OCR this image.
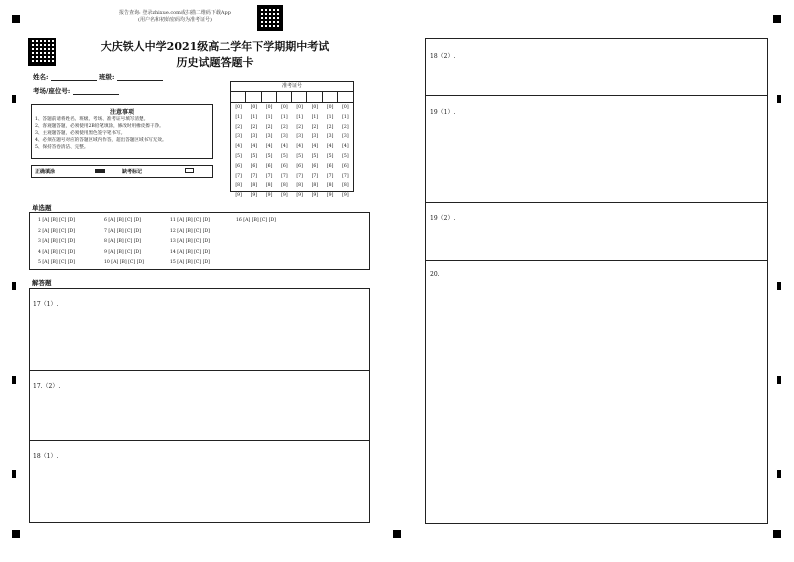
报告查询: 登录zhixue.com或扫描二维码下载App
(用户名和初始密码均为准考证号)
大庆铁人中学2021级高二学年下学期期中考试
历史试题答题卡
姓名:	班级:
考场/座位号:
注意事项
1、答题前请将姓名、班级、考场、准考证号填写清楚。
2、客观题答题，必须使用2B铅笔填涂，修改时用橡皮擦干净。
3、主观题答题，必须使用黑色签字笔书写。
4、必须在题号对应的答题区域内作答，超出答题区域书写无效。
5、保持答卷清洁、完整。
正确填涂	缺考标记
准考证号
[0]	[0]	[0]	[0]	[0]	[0]	[0]	[0]
[1]	[1]	[1]	[1]	[1]	[1]	[1]	[1]
[2]	[2]	[2]	[2]	[2]	[2]	[2]	[2]
[3]	[3]	[3]	[3]	[3]	[3]	[3]	[3]
[4]	[4]	[4]	[4]	[4]	[4]	[4]	[4]
[5]	[5]	[5]	[5]	[5]	[5]	[5]	[5]
[6]	[6]	[6]	[6]	[6]	[6]	[6]	[6]
[7]	[7]	[7]	[7]	[7]	[7]	[7]	[7]
[8]	[8]	[8]	[8]	[8]	[8]	[8]	[8]
[9]	[9]	[9]	[9]	[9]	[9]	[9]	[9]
单选题
1 [A] [B] [C] [D]	6 [A] [B] [C] [D]	11 [A] [B] [C] [D]	16 [A] [B] [C] [D]
2 [A] [B] [C] [D]	7 [A] [B] [C] [D]	12 [A] [B] [C] [D]
3 [A] [B] [C] [D]	8 [A] [B] [C] [D]	13 [A] [B] [C] [D]
4 [A] [B] [C] [D]	9 [A] [B] [C] [D]	14 [A] [B] [C] [D]
5 [A] [B] [C] [D]	10 [A] [B] [C] [D]	15 [A] [B] [C] [D]
解答题
17（1）.
17.（2）.
18（1）.
18（2）.
19（1）.
19（2）.
20.
